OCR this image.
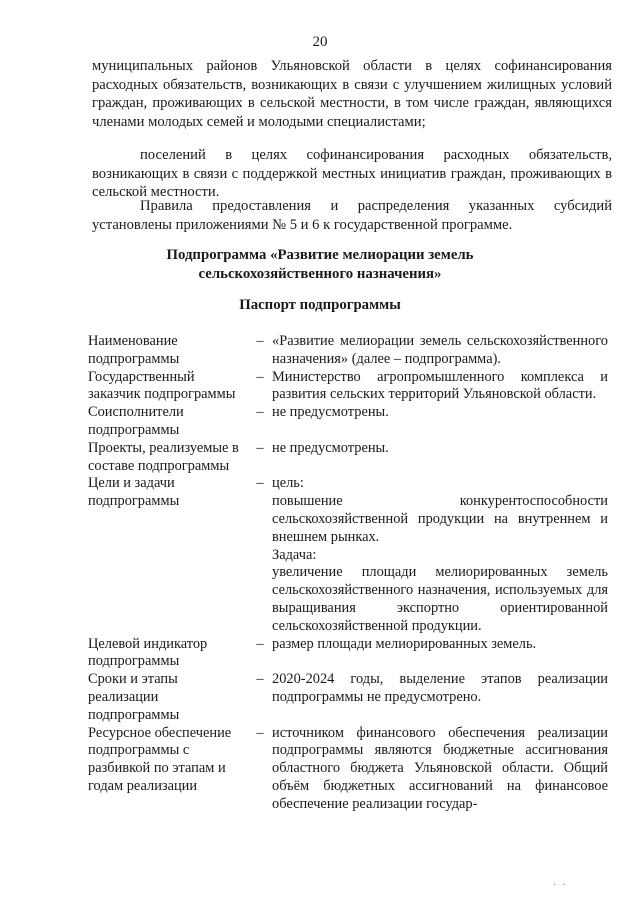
20

муниципальных районов Ульяновской области в целях софинансирования расходных обязательств, возникающих в связи с улучшением жилищных условий граждан, проживающих в сельской местности, в том числе граждан, являющихся членами молодых семей и молодыми специалистами;

поселений в целях софинансирования расходных обязательств, возникающих в связи с поддержкой местных инициатив граждан, проживающих в сельской местности.

Правила предоставления и распределения указанных субсидий установлены приложениями № 5 и 6 к государственной программе.

Подпрограмма «Развитие мелиорации земель
сельскохозяйственного назначения»
Паспорт подпрограммы
Наименование подпрограммы
– «Развитие мелиорации земель сельскохозяйственного назначения» (далее – подпрограмма).
Государственный заказчик подпрограммы
– Министерство агропромышленного комплекса и развития сельских территорий Ульяновской области.
Соисполнители подпрограммы
– не предусмотрены.
Проекты, реализуемые в составе подпрограммы
– не предусмотрены.
Цели и задачи подпрограммы
– цель:
повышение конкурентоспособности сельскохозяйственной продукции на внутреннем и внешнем рынках.
Задача:
увеличение площади мелиорированных земель сельскохозяйственного назначения, используемых для выращивания экспортно ориентированной сельскохозяйственной продукции.
Целевой индикатор подпрограммы
– размер площади мелиорированных земель.
Сроки и этапы реализации подпрограммы
– 2020-2024 годы, выделение этапов реализации подпрограммы не предусмотрено.
Ресурсное обеспечение подпрограммы с разбивкой по этапам и годам реализации
– источником финансового обеспечения реализации подпрограммы являются бюджетные ассигнования областного бюджета Ульяновской области. Общий объём бюджетных ассигнований на финансовое обеспечение реализации государ-
· ·
